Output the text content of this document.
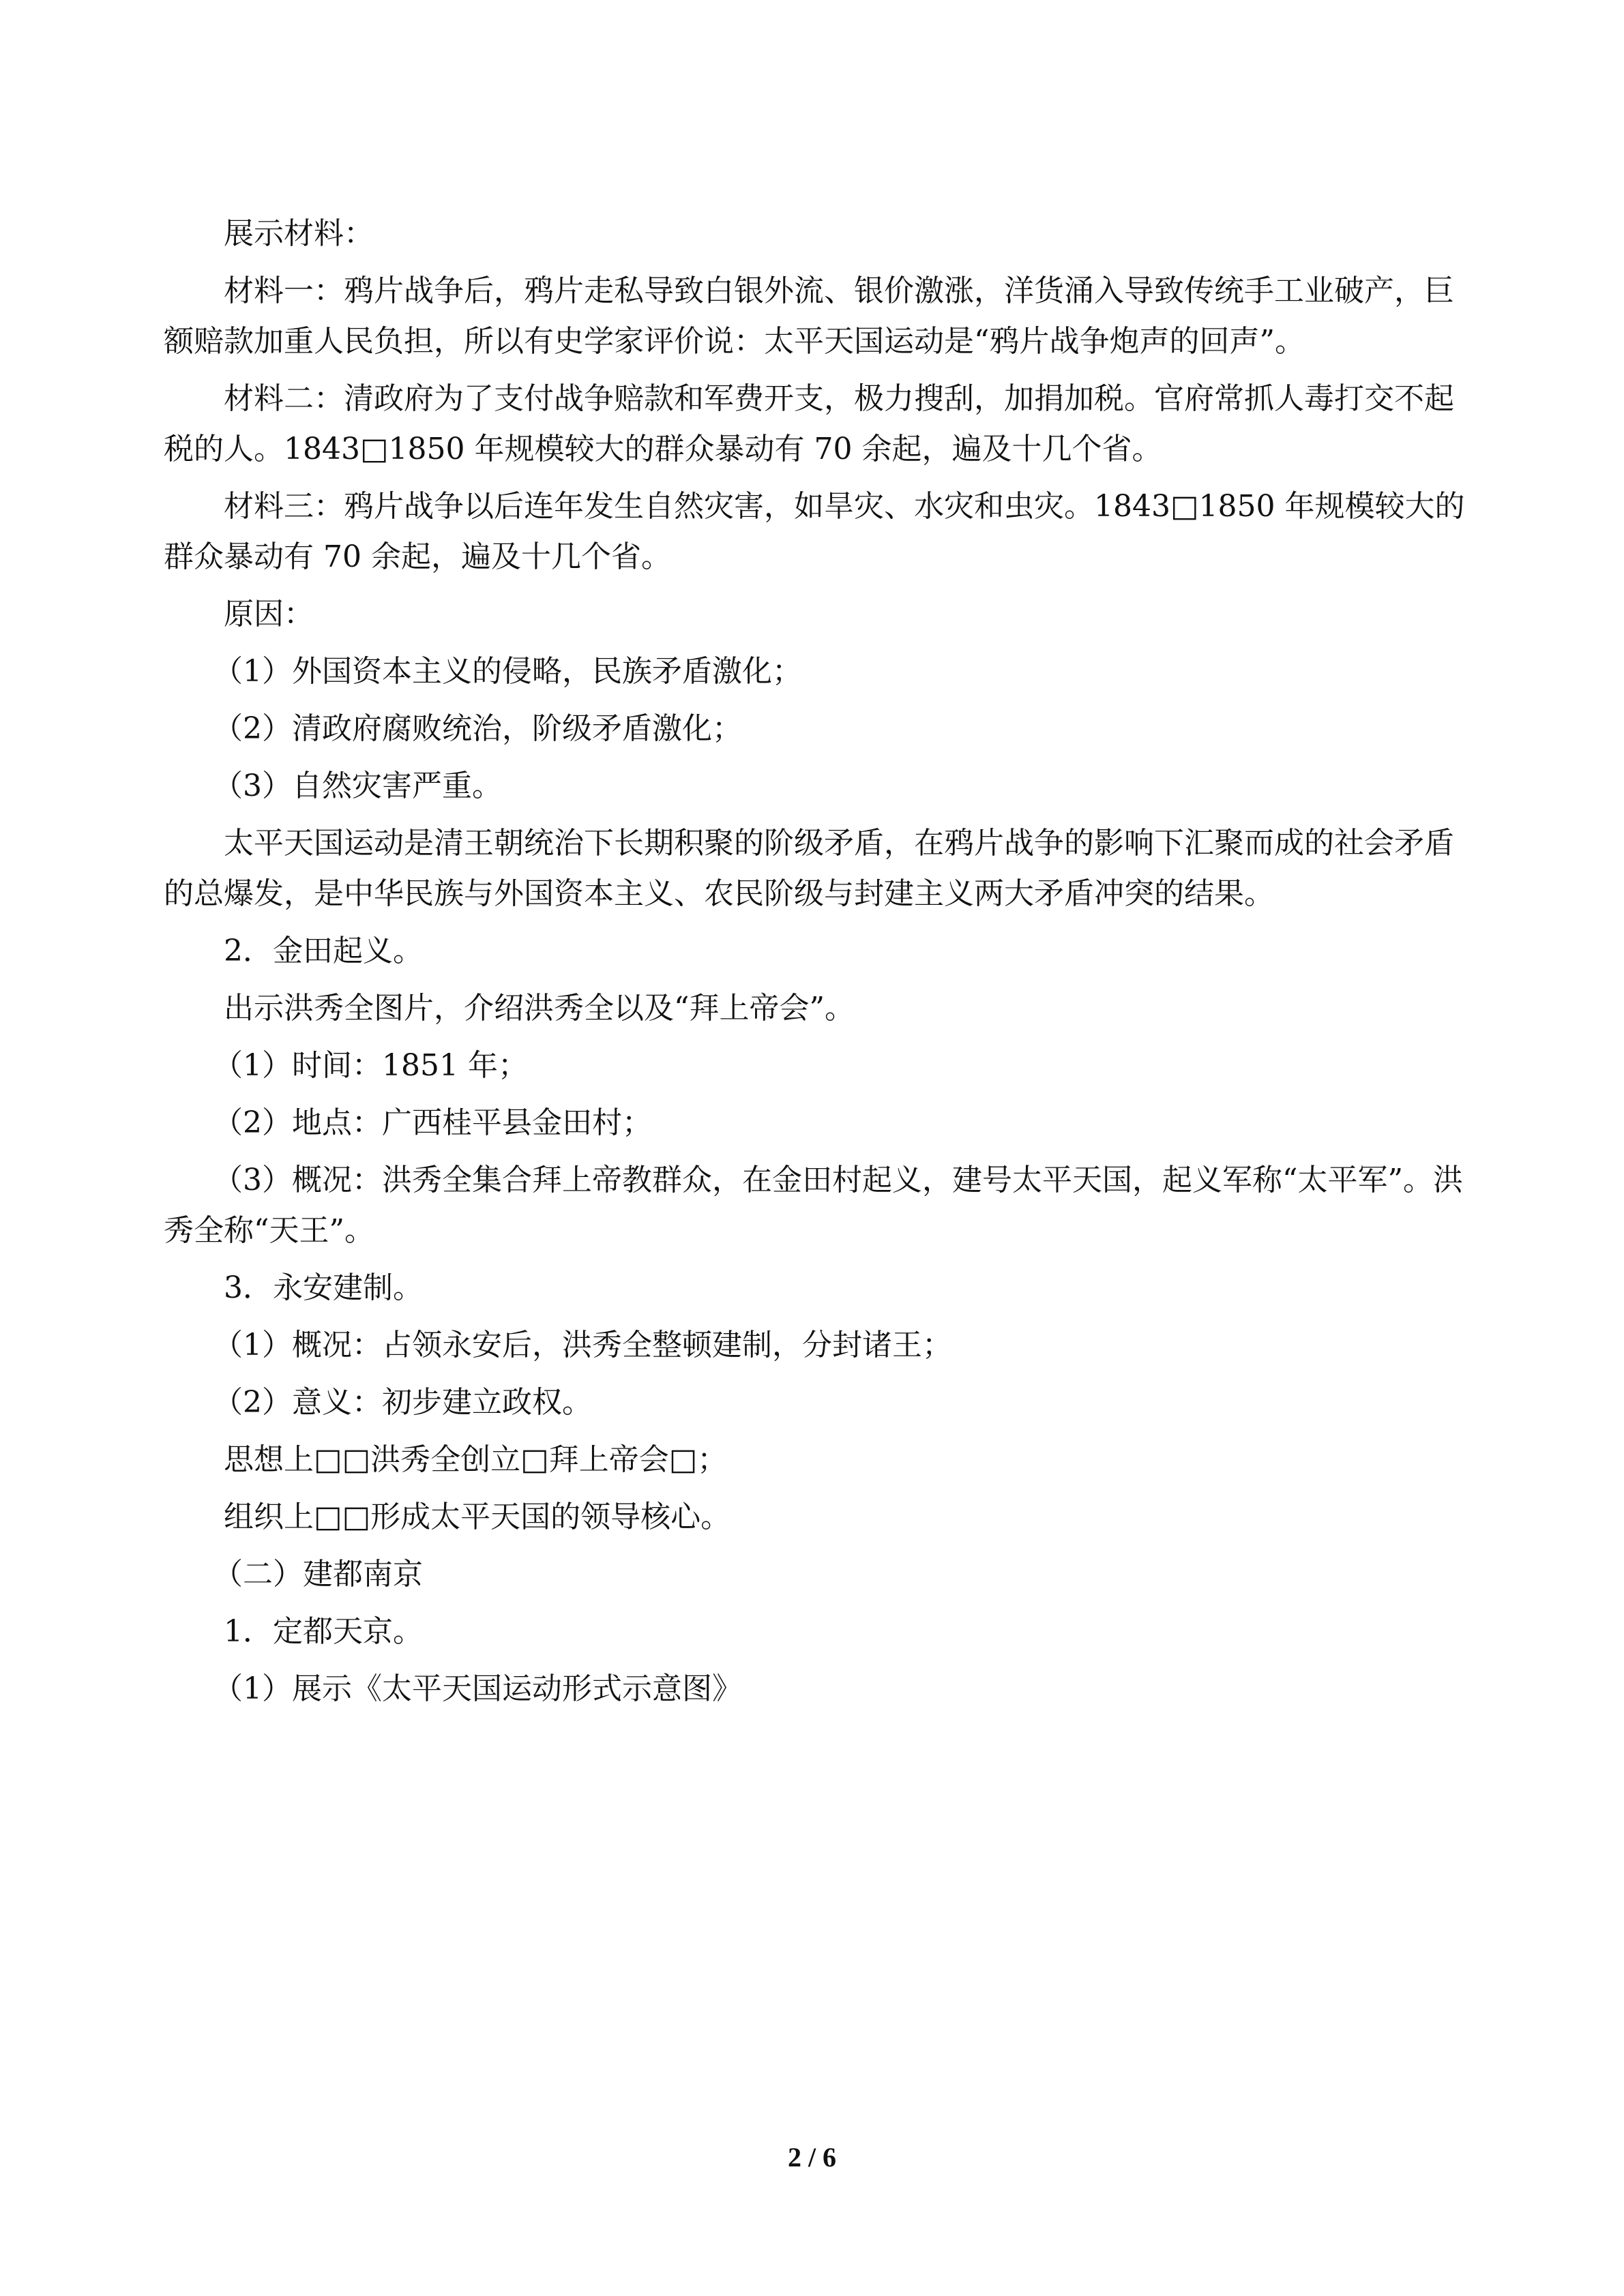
展示材料：

材料一：鸦片战争后，鸦片走私导致白银外流、银价激涨，洋货涌入导致传统手工业破产，巨额赔款加重人民负担，所以有史学家评价说：太平天国运动是“鸦片战争炮声的回声”。

材料二：清政府为了支付战争赔款和军费开支，极力搜刮，加捐加税。官府常抓人毒打交不起税的人。1843□1850 年规模较大的群众暴动有 70 余起，遍及十几个省。

材料三：鸦片战争以后连年发生自然灾害，如旱灾、水灾和虫灾。1843□1850 年规模较大的群众暴动有 70 余起，遍及十几个省。

原因：

（1）外国资本主义的侵略，民族矛盾激化；

（2）清政府腐败统治，阶级矛盾激化；

（3）自然灾害严重。

太平天国运动是清王朝统治下长期积聚的阶级矛盾，在鸦片战争的影响下汇聚而成的社会矛盾的总爆发，是中华民族与外国资本主义、农民阶级与封建主义两大矛盾冲突的结果。

2．金田起义。

出示洪秀全图片，介绍洪秀全以及“拜上帝会”。

（1）时间：1851 年；

（2）地点：广西桂平县金田村；

（3）概况：洪秀全集合拜上帝教群众，在金田村起义，建号太平天国，起义军称“太平军”。洪秀全称“天王”。

3．永安建制。

（1）概况：占领永安后，洪秀全整顿建制，分封诸王；

（2）意义：初步建立政权。

思想上□□洪秀全创立□拜上帝会□；

组织上□□形成太平天国的领导核心。

（二）建都南京

1．定都天京。

（1）展示《太平天国运动形式示意图》

2 / 6
